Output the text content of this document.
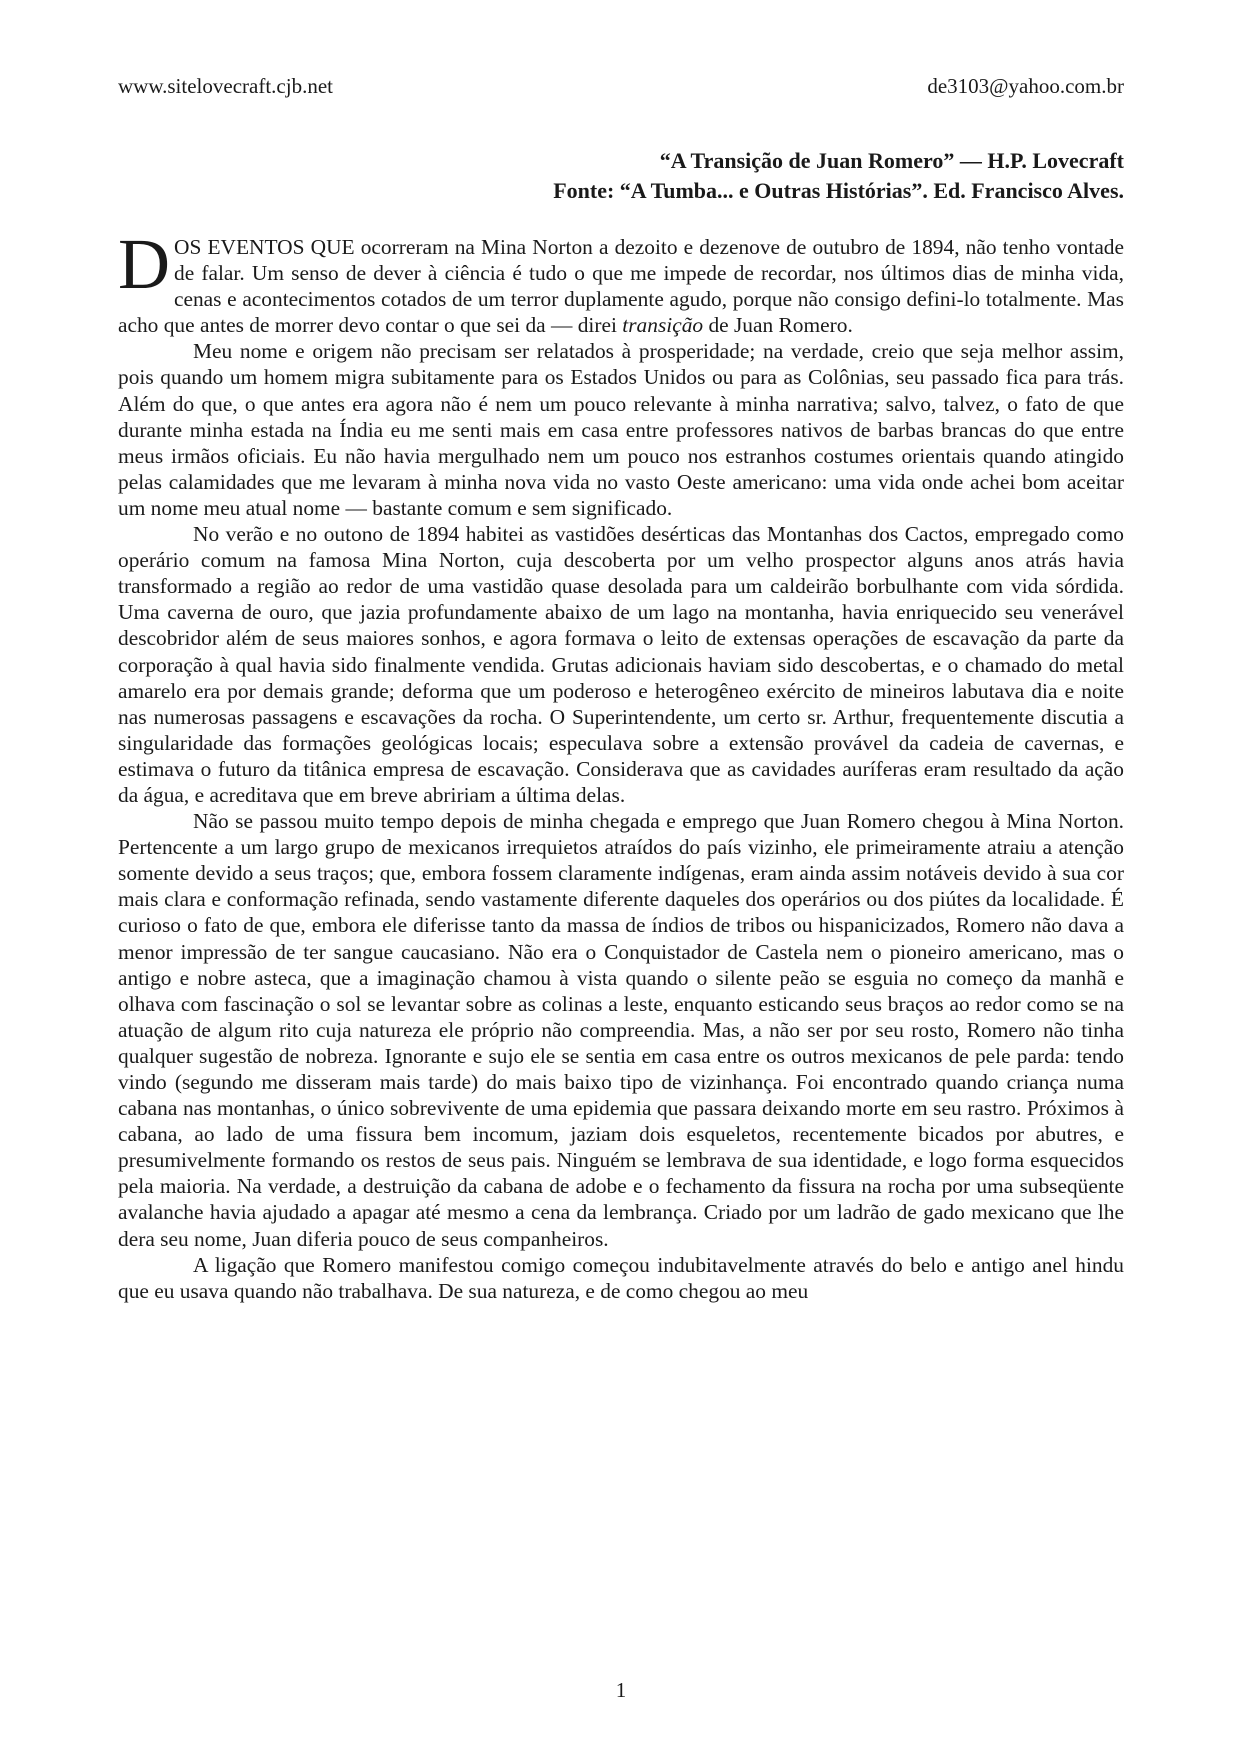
www.sitelovecraft.cjb.net	de3103@yahoo.com.br
“A Transição de Juan Romero” — H.P. Lovecraft
Fonte: “A Tumba... e Outras Histórias”. Ed. Francisco Alves.

DOS EVENTOS QUE ocorreram na Mina Norton a dezoito e dezenove de outubro de 1894, não tenho vontade de falar. Um senso de dever à ciência é tudo o que me impede de recordar, nos últimos dias de minha vida, cenas e acontecimentos cotados de um terror duplamente agudo, porque não consigo defini-lo totalmente. Mas acho que antes de morrer devo contar o que sei da — direi transição de Juan Romero.

Meu nome e origem não precisam ser relatados à prosperidade; na verdade, creio que seja melhor assim, pois quando um homem migra subitamente para os Estados Unidos ou para as Colônias, seu passado fica para trás. Além do que, o que antes era agora não é nem um pouco relevante à minha narrativa; salvo, talvez, o fato de que durante minha estada na Índia eu me senti mais em casa entre professores nativos de barbas brancas do que entre meus irmãos oficiais. Eu não havia mergulhado nem um pouco nos estranhos costumes orientais quando atingido pelas calamidades que me levaram à minha nova vida no vasto Oeste americano: uma vida onde achei bom aceitar um nome meu atual nome — bastante comum e sem significado.

No verão e no outono de 1894 habitei as vastidões desérticas das Montanhas dos Cactos, empregado como operário comum na famosa Mina Norton, cuja descoberta por um velho prospector alguns anos atrás havia transformado a região ao redor de uma vastidão quase desolada para um caldeirão borbulhante com vida sórdida. Uma caverna de ouro, que jazia profundamente abaixo de um lago na montanha, havia enriquecido seu venerável descobridor além de seus maiores sonhos, e agora formava o leito de extensas operações de escavação da parte da corporação à qual havia sido finalmente vendida. Grutas adicionais haviam sido descobertas, e o chamado do metal amarelo era por demais grande; deforma que um poderoso e heterogêneo exército de mineiros labutava dia e noite nas numerosas passagens e escavações da rocha. O Superintendente, um certo sr. Arthur, frequentemente discutia a singularidade das formações geológicas locais; especulava sobre a extensão provável da cadeia de cavernas, e estimava o futuro da titânica empresa de escavação. Considerava que as cavidades auríferas eram resultado da ação da água, e acreditava que em breve abririam a última delas.

Não se passou muito tempo depois de minha chegada e emprego que Juan Romero chegou à Mina Norton. Pertencente a um largo grupo de mexicanos irrequietos atraídos do país vizinho, ele primeiramente atraiu a atenção somente devido a seus traços; que, embora fossem claramente indígenas, eram ainda assim notáveis devido à sua cor mais clara e conformação refinada, sendo vastamente diferente daqueles dos operários ou dos piútes da localidade. É curioso o fato de que, embora ele diferisse tanto da massa de índios de tribos ou hispanicizados, Romero não dava a menor impressão de ter sangue caucasiano. Não era o Conquistador de Castela nem o pioneiro americano, mas o antigo e nobre asteca, que a imaginação chamou à vista quando o silente peão se esguia no começo da manhã e olhava com fascinação o sol se levantar sobre as colinas a leste, enquanto esticando seus braços ao redor como se na atuação de algum rito cuja natureza ele próprio não compreendia. Mas, a não ser por seu rosto, Romero não tinha qualquer sugestão de nobreza. Ignorante e sujo ele se sentia em casa entre os outros mexicanos de pele parda: tendo vindo (segundo me disseram mais tarde) do mais baixo tipo de vizinhança. Foi encontrado quando criança numa cabana nas montanhas, o único sobrevivente de uma epidemia que passara deixando morte em seu rastro. Próximos à cabana, ao lado de uma fissura bem incomum, jaziam dois esqueletos, recentemente bicados por abutres, e presumivelmente formando os restos de seus pais. Ninguém se lembrava de sua identidade, e logo forma esquecidos pela maioria. Na verdade, a destruição da cabana de adobe e o fechamento da fissura na rocha por uma subseqüente avalanche havia ajudado a apagar até mesmo a cena da lembrança. Criado por um ladrão de gado mexicano que lhe dera seu nome, Juan diferia pouco de seus companheiros.

A ligação que Romero manifestou comigo começou indubitavelmente através do belo e antigo anel hindu que eu usava quando não trabalhava. De sua natureza, e de como chegou ao meu

1
